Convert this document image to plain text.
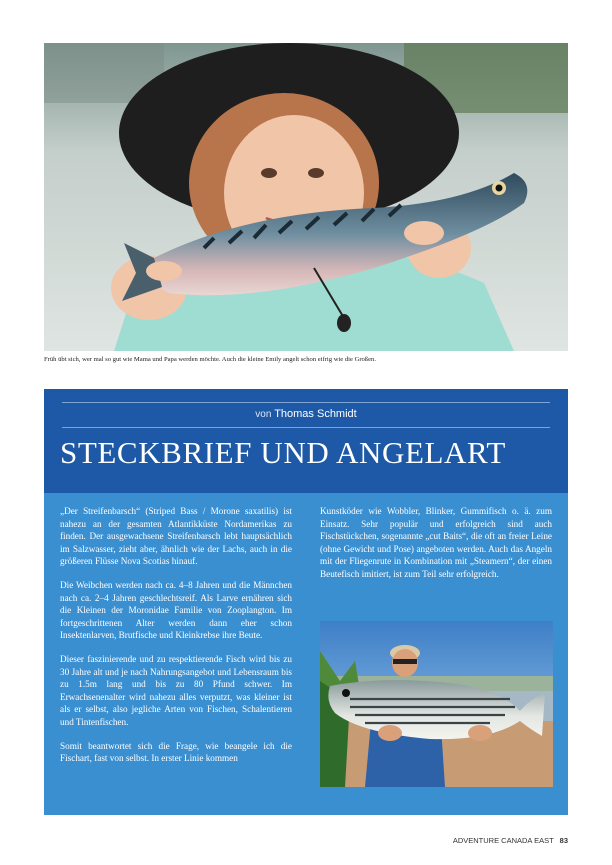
Früh übt sich, wer mal so gut wie Mama und Papa werden möchte. Auch die kleine Emily angelt schon eifrig wie die Großen.
von Thomas Schmidt
STECKBRIEF UND ANGELART

„Der Streifenbarsch“ (Striped Bass / Morone saxatilis) ist nahezu an der gesamten Atlantikküste Nordamerikas zu finden. Der ausgewachsene Streifenbarsch lebt hauptsächlich im Salzwasser, zieht aber, ähnlich wie der Lachs, auch in die größeren Flüsse Nova Scotias hinauf.

Die Weibchen werden nach ca. 4–8 Jahren und die Männchen nach ca. 2–4 Jahren geschlechtsreif. Als Larve ernähren sich die Kleinen der Moronidae Familie von Zooplangton. Im fortgeschrittenen Alter werden dann eher schon Insektenlarven, Brutfische und Kleinkrebse ihre Beute.

Dieser faszinierende und zu respektierende Fisch wird bis zu 30 Jahre alt und je nach Nahrungsangebot und Lebensraum bis zu 1.5m lang und bis zu 80 Pfund schwer. Im Erwachsenenalter wird nahezu alles verputzt, was kleiner ist als er selbst, also jegliche Arten von Fischen, Schalentieren und Tintenfischen.

Somit beantwortet sich die Frage, wie beangele ich die Fischart, fast von selbst. In erster Linie kommen

Kunstköder wie Wobbler, Blinker, Gummifisch o. ä. zum Einsatz. Sehr populär und erfolgreich sind auch Fischstückchen, sogenannte „cut Baits“, die oft an freier Leine (ohne Gewicht und Pose) angeboten werden. Auch das Angeln mit der Fliegenrute in Kombination mit „Steamern“, der einen Beutefisch imitiert, ist zum Teil sehr erfolgreich.

ADVENTURE CANADA EAST 83
